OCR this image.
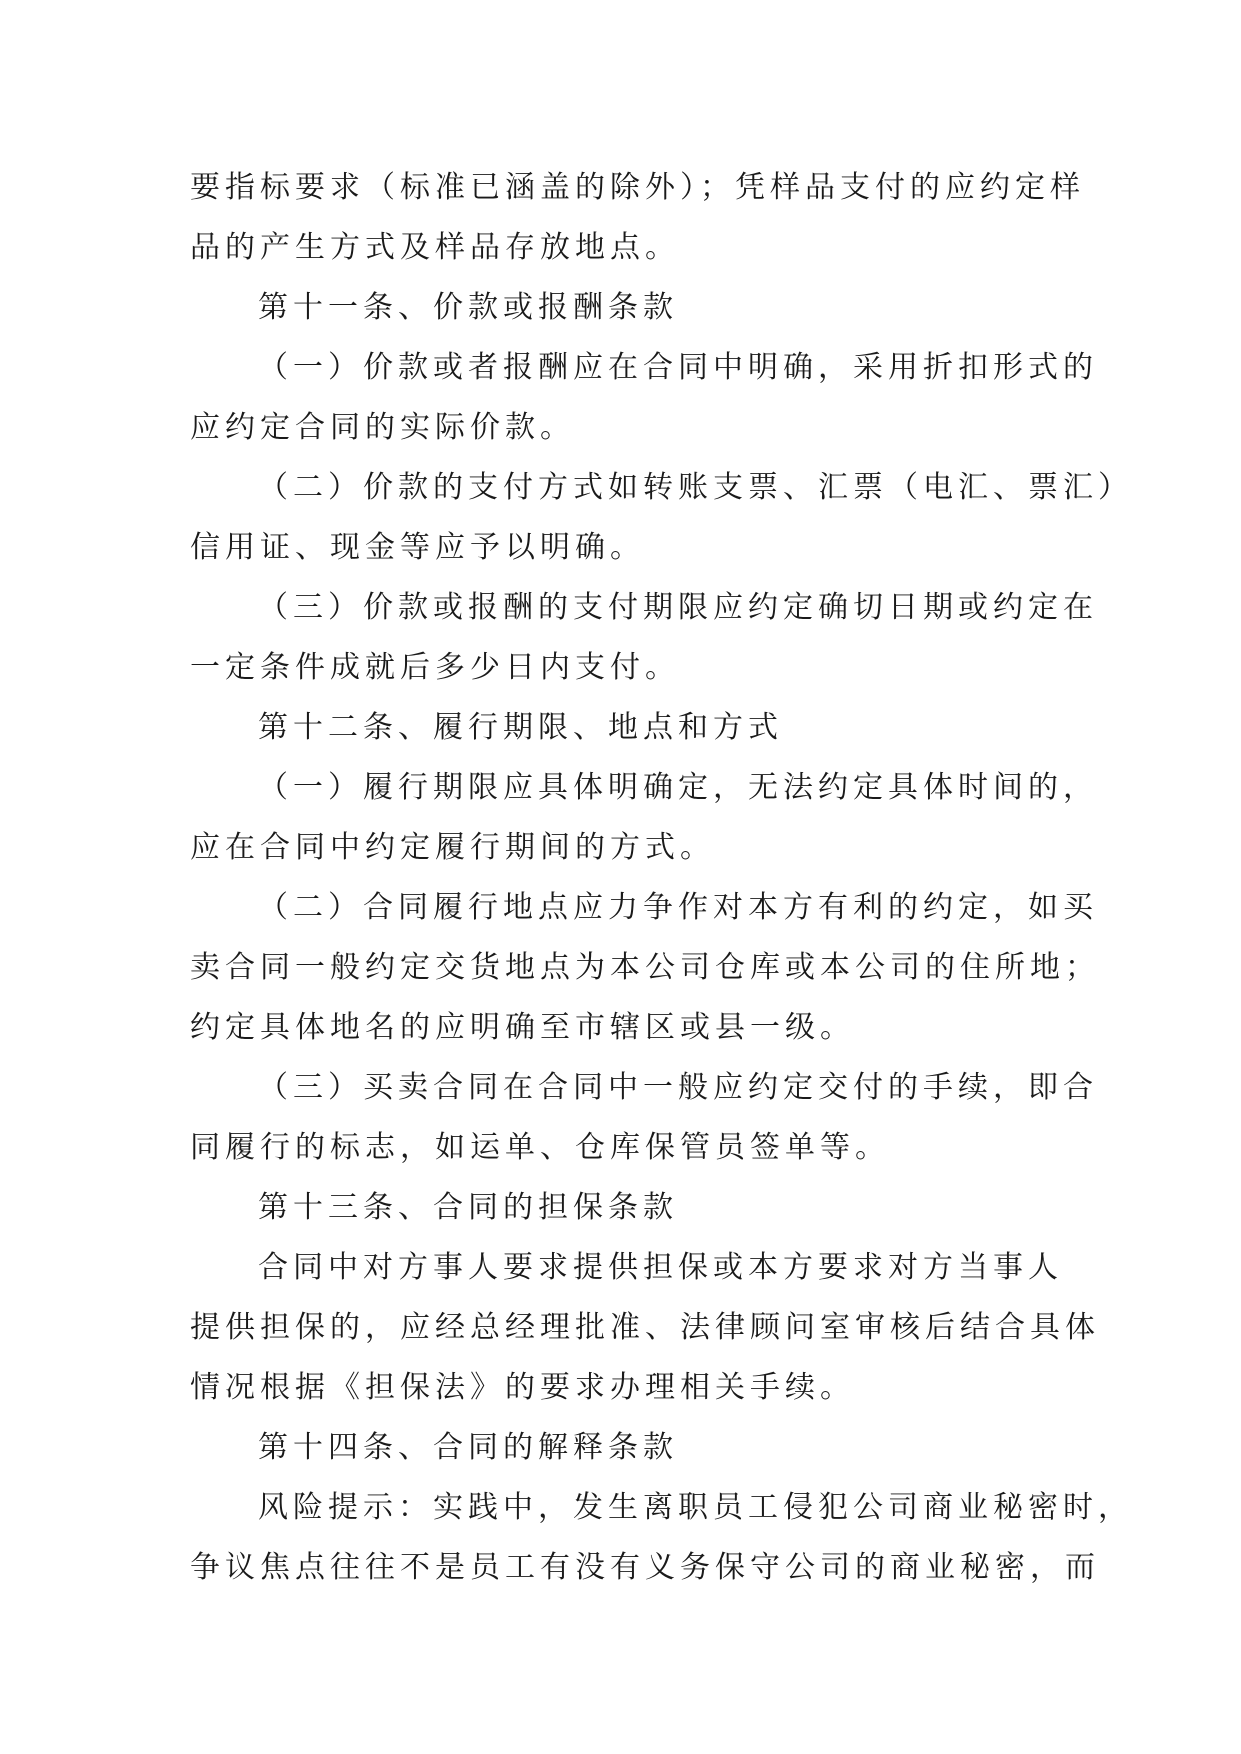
要指标要求（标准已涵盖的除外）；凭样品支付的应约定样
品的产生方式及样品存放地点。
第十一条、价款或报酬条款
（一）价款或者报酬应在合同中明确，采用折扣形式的
应约定合同的实际价款。
（二）价款的支付方式如转账支票、汇票（电汇、票汇）
信用证、现金等应予以明确。
（三）价款或报酬的支付期限应约定确切日期或约定在
一定条件成就后多少日内支付。
第十二条、履行期限、地点和方式
（一）履行期限应具体明确定，无法约定具体时间的，
应在合同中约定履行期间的方式。
（二）合同履行地点应力争作对本方有利的约定，如买
卖合同一般约定交货地点为本公司仓库或本公司的住所地；
约定具体地名的应明确至市辖区或县一级。
（三）买卖合同在合同中一般应约定交付的手续，即合
同履行的标志，如运单、仓库保管员签单等。
第十三条、合同的担保条款
合同中对方事人要求提供担保或本方要求对方当事人
提供担保的，应经总经理批准、法律顾问室审核后结合具体
情况根据《担保法》的要求办理相关手续。
第十四条、合同的解释条款
风险提示：实践中，发生离职员工侵犯公司商业秘密时，
争议焦点往往不是员工有没有义务保守公司的商业秘密，而
